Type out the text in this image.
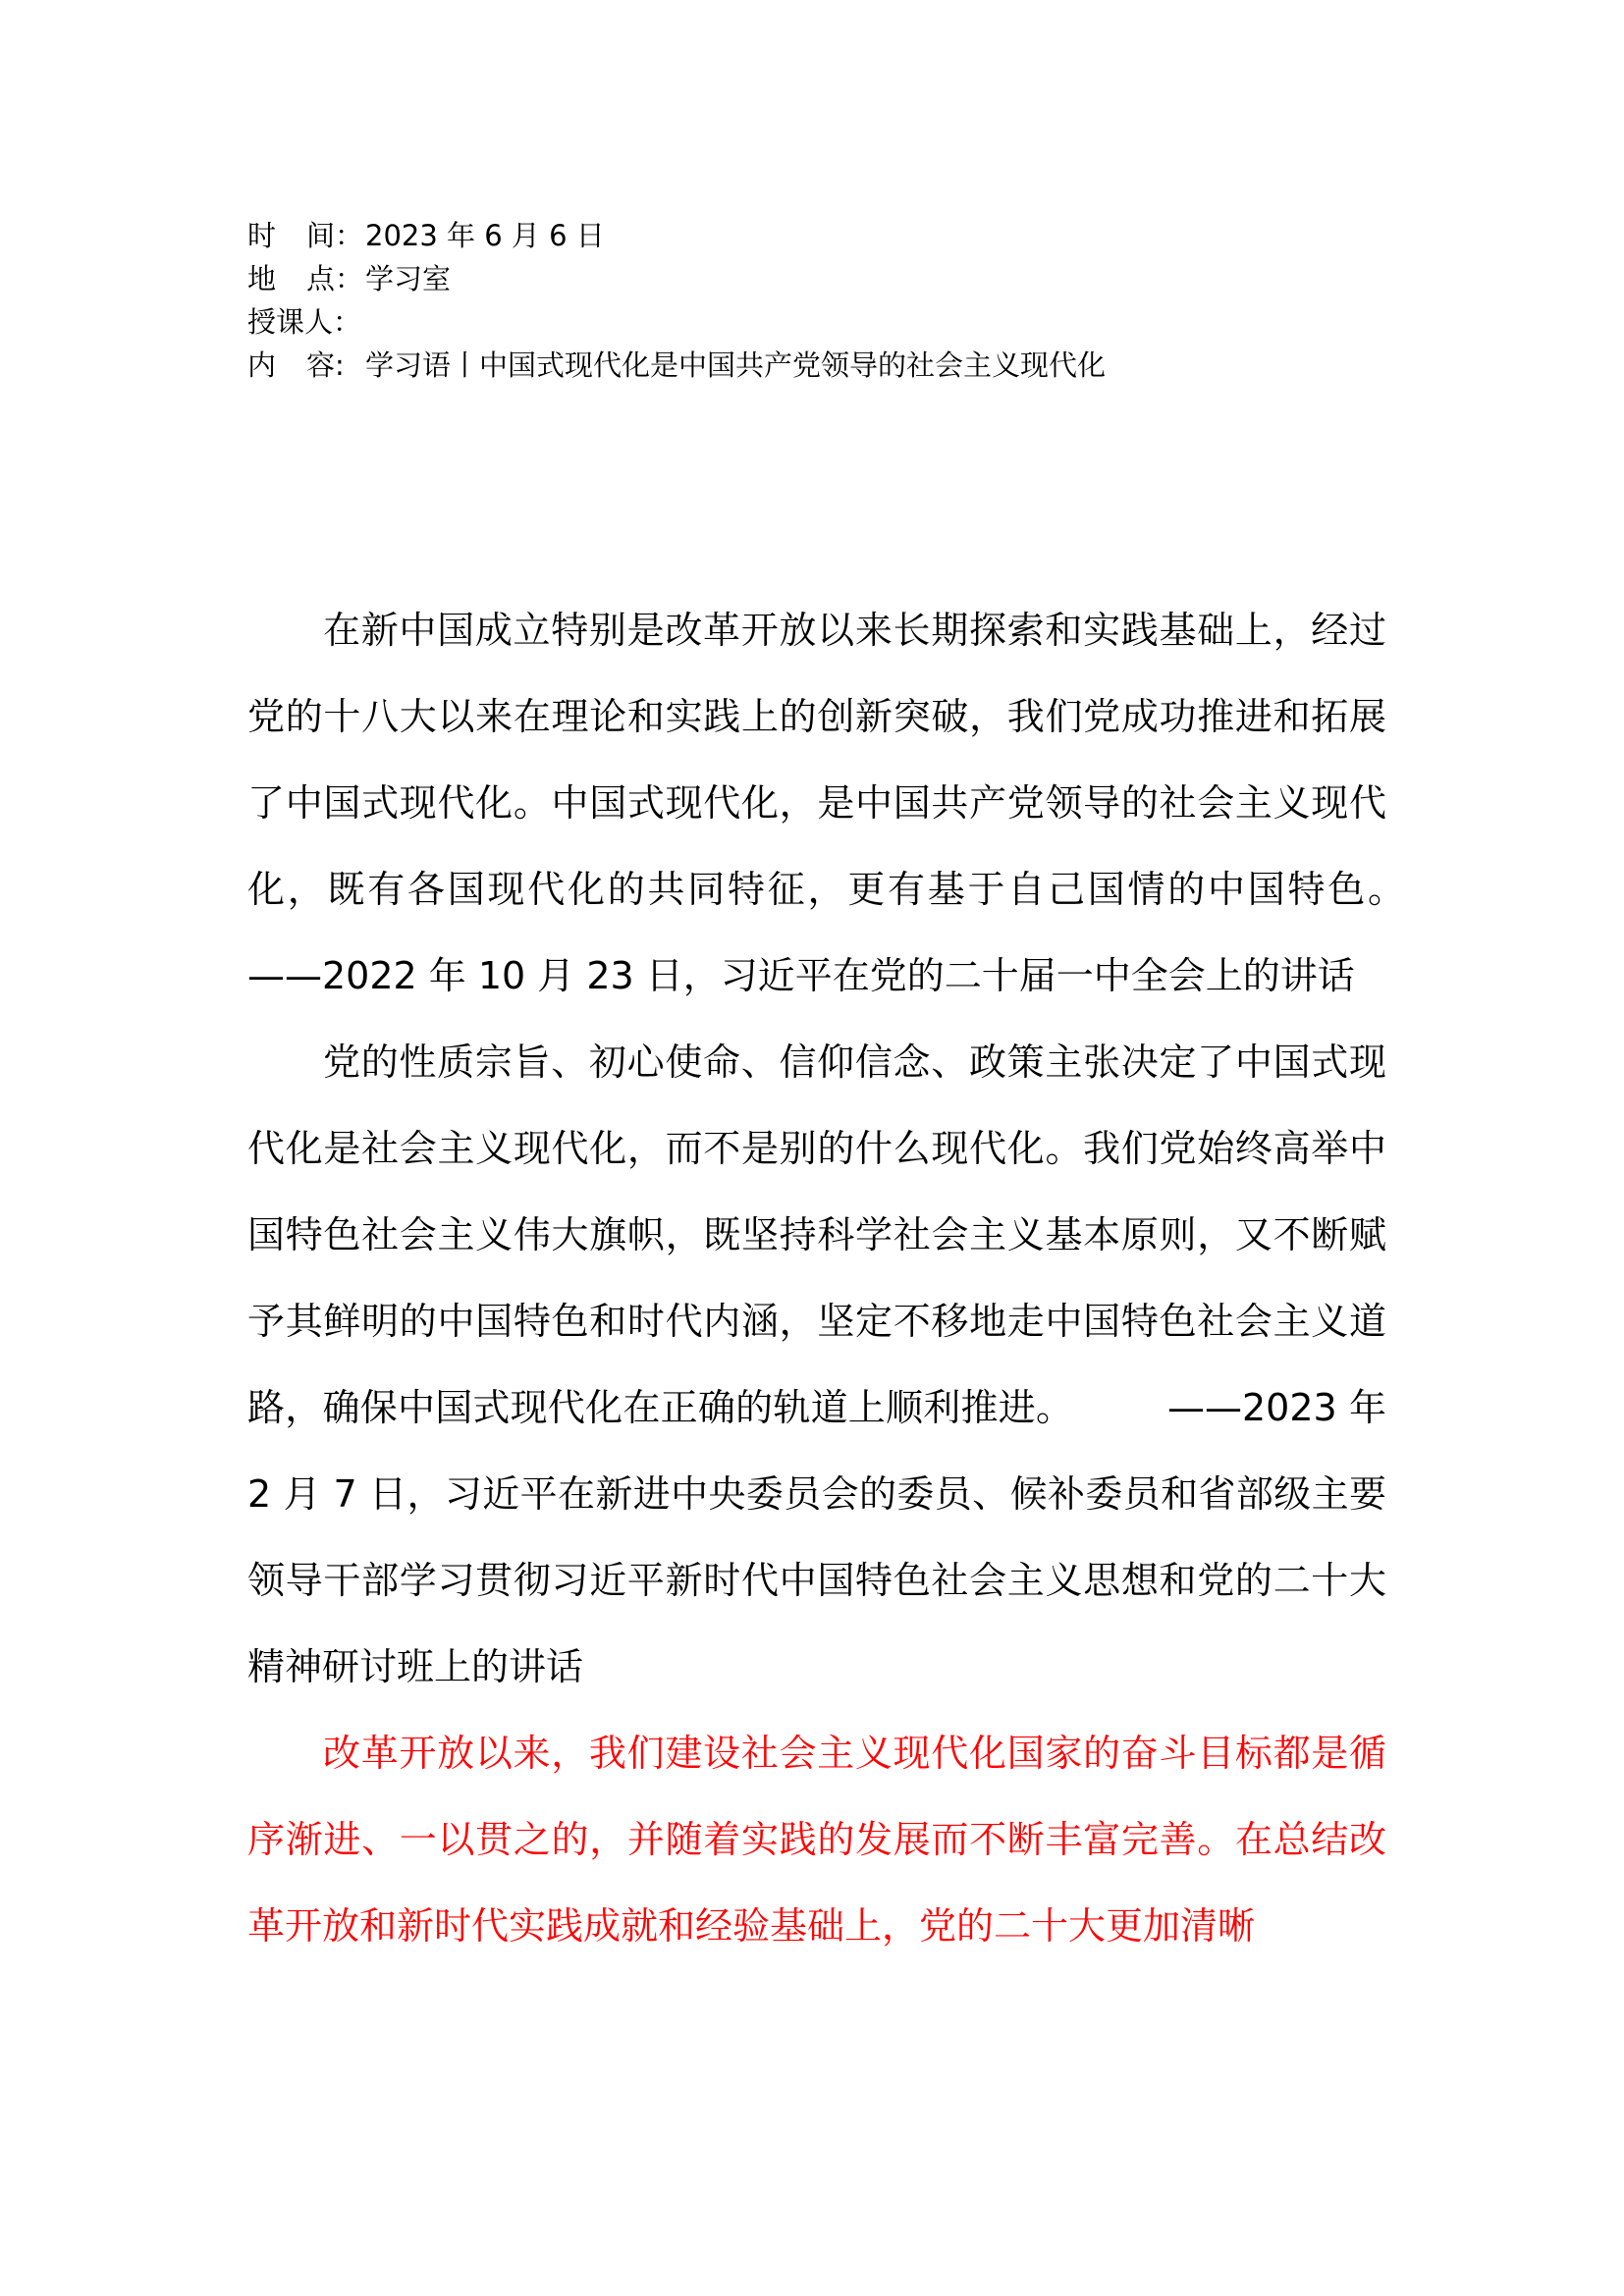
时 间：2023 年 6 月 6 日
地 点：学习室
授课人：
内 容: 学习语丨中国式现代化是中国共产党领导的社会主义现代化

在新中国成立特别是改革开放以来长期探索和实践基础上，经过党的十八大以来在理论和实践上的创新突破，我们党成功推进和拓展了中国式现代化。中国式现代化，是中国共产党领导的社会主义现代化，既有各国现代化的共同特征，更有基于自己国情的中国特色。　　　——2022 年 10 月 23 日，习近平在党的二十届一中全会上的讲话

党的性质宗旨、初心使命、信仰信念、政策主张决定了中国式现代化是社会主义现代化，而不是别的什么现代化。我们党始终高举中国特色社会主义伟大旗帜，既坚持科学社会主义基本原则，又不断赋予其鲜明的中国特色和时代内涵，坚定不移地走中国特色社会主义道路，确保中国式现代化在正确的轨道上顺利推进。　　　——2023 年 2 月 7 日，习近平在新进中央委员会的委员、候补委员和省部级主要领导干部学习贯彻习近平新时代中国特色社会主义思想和党的二十大精神研讨班上的讲话

改革开放以来，我们建设社会主义现代化国家的奋斗目标都是循序渐进、一以贯之的，并随着实践的发展而不断丰富完善。在总结改革开放和新时代实践成就和经验基础上，党的二十大更加清晰
